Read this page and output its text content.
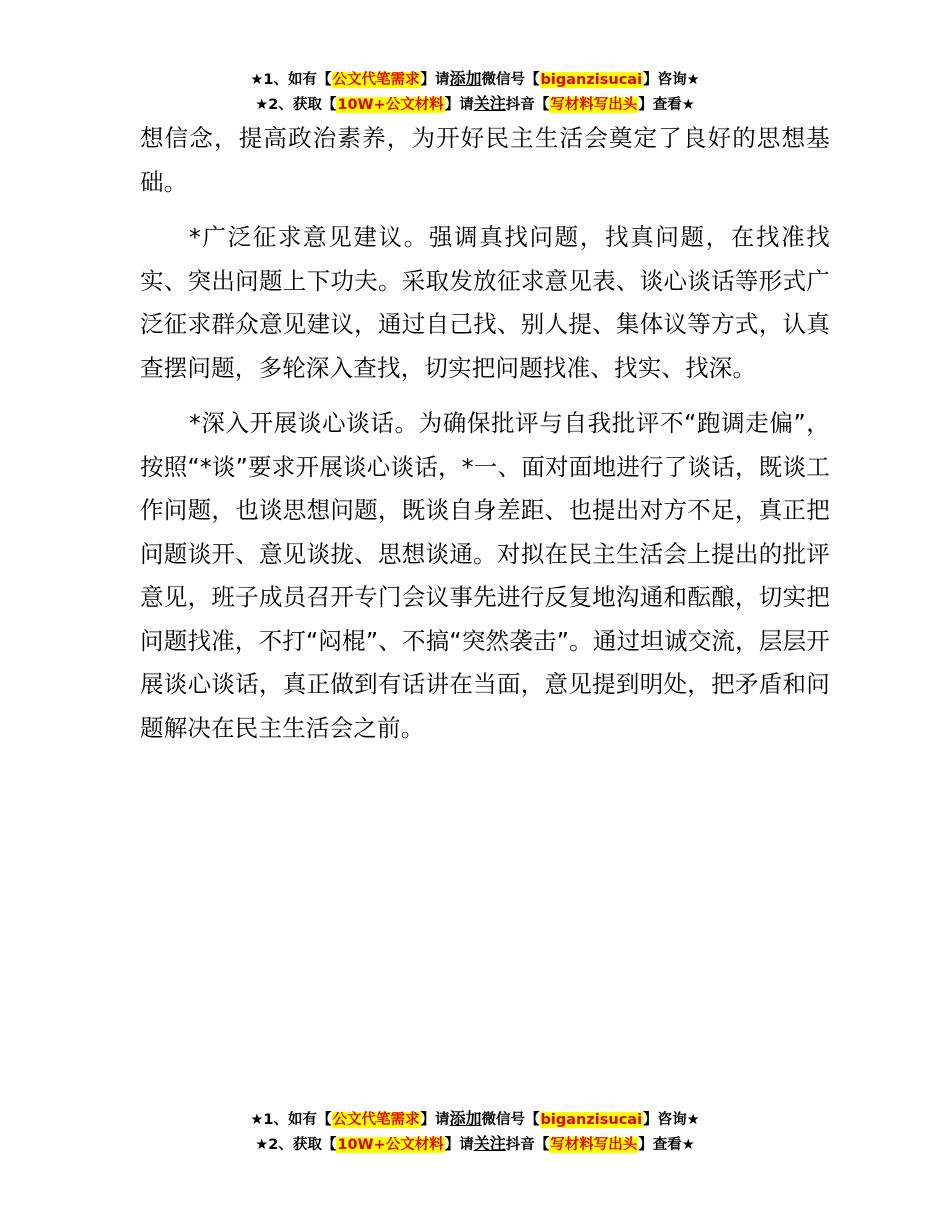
★1、如有【公文代笔需求】请添加微信号【biganzisucai】咨询★
★2、获取【10W+公文材料】请关注抖音【写材料写出头】查看★

想信念，提高政治素养，为开好民主生活会奠定了良好的思想基础。

*广泛征求意见建议。强调真找问题，找真问题，在找准找实、突出问题上下功夫。采取发放征求意见表、谈心谈话等形式广泛征求群众意见建议，通过自己找、别人提、集体议等方式，认真查摆问题，多轮深入查找，切实把问题找准、找实、找深。

*深入开展谈心谈话。为确保批评与自我批评不“跑调走偏”，按照“*谈”要求开展谈心谈话，*一、面对面地进行了谈话，既谈工作问题，也谈思想问题，既谈自身差距、也提出对方不足，真正把问题谈开、意见谈拢、思想谈通。对拟在民主生活会上提出的批评意见，班子成员召开专门会议事先进行反复地沟通和酝酿，切实把问题找准，不打“闷棍”、不搞“突然袭击”。通过坦诚交流，层层开展谈心谈话，真正做到有话讲在当面，意见提到明处，把矛盾和问题解决在民主生活会之前。

★1、如有【公文代笔需求】请添加微信号【biganzisucai】咨询★
★2、获取【10W+公文材料】请关注抖音【写材料写出头】查看★
